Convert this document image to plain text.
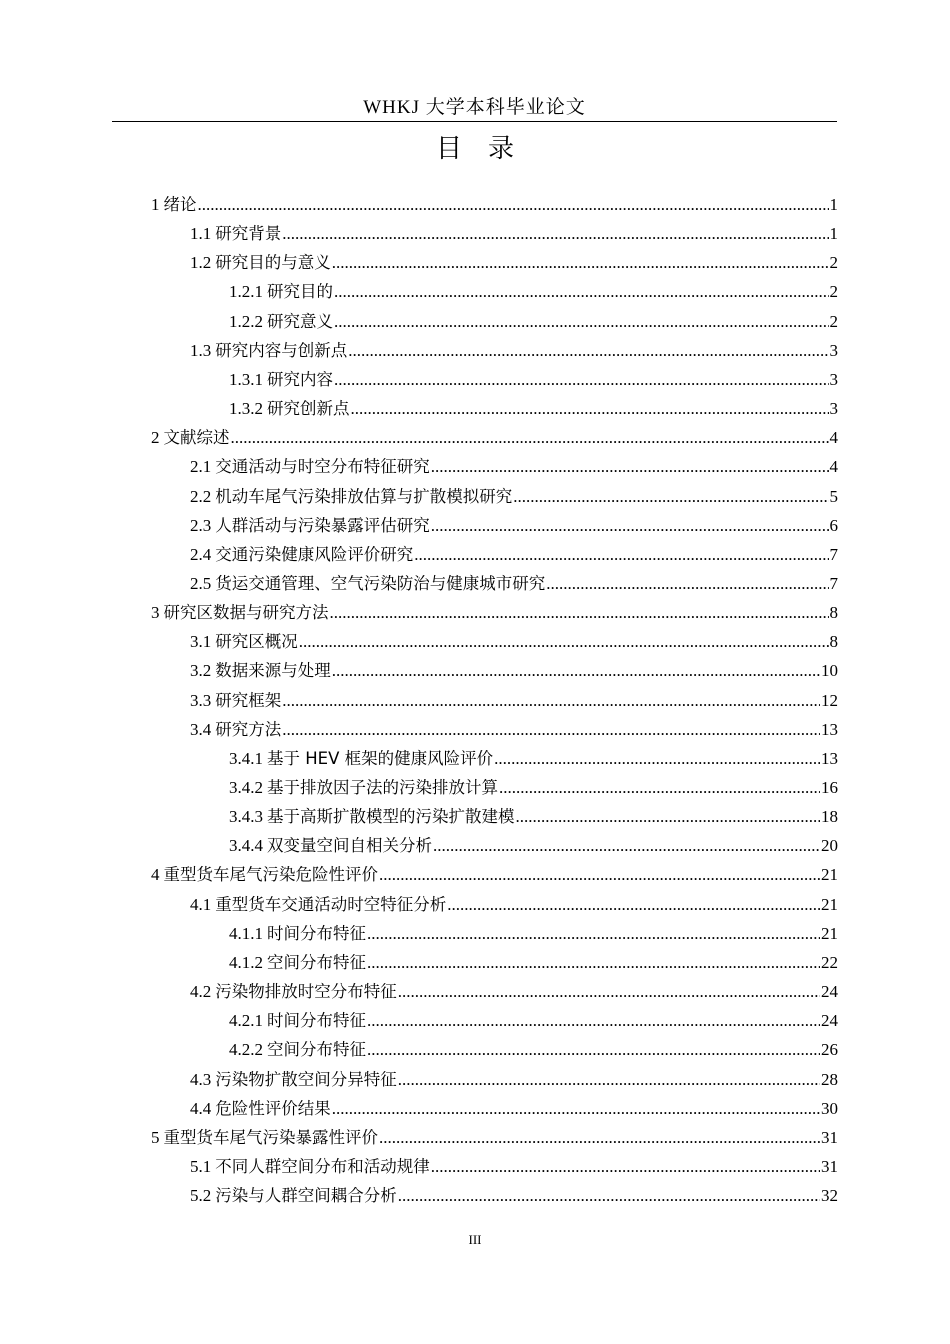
WHKJ 大学本科毕业论文
目　录
1 绪论 .....	1
1.1 研究背景 .....	1
1.2 研究目的与意义 .....	2
1.2.1 研究目的 .....	2
1.2.2 研究意义 .....	2
1.3 研究内容与创新点 .....	3
1.3.1 研究内容 .....	3
1.3.2 研究创新点 .....	3
2 文献综述 .....	4
2.1 交通活动与时空分布特征研究 .....	4
2.2 机动车尾气污染排放估算与扩散模拟研究 .....	5
2.3 人群活动与污染暴露评估研究 .....	6
2.4 交通污染健康风险评价研究 .....	7
2.5 货运交通管理、空气污染防治与健康城市研究 .....	7
3 研究区数据与研究方法 .....	8
3.1 研究区概况 .....	8
3.2 数据来源与处理 .....	10
3.3 研究框架 .....	12
3.4 研究方法 .....	13
3.4.1 基于 HEV 框架的健康风险评价 .....	13
3.4.2 基于排放因子法的污染排放计算 .....	16
3.4.3 基于高斯扩散模型的污染扩散建模 .....	18
3.4.4 双变量空间自相关分析 .....	20
4 重型货车尾气污染危险性评价 .....	21
4.1 重型货车交通活动时空特征分析 .....	21
4.1.1 时间分布特征 .....	21
4.1.2 空间分布特征 .....	22
4.2 污染物排放时空分布特征 .....	24
4.2.1 时间分布特征 .....	24
4.2.2 空间分布特征 .....	26
4.3 污染物扩散空间分异特征 .....	28
4.4 危险性评价结果 .....	30
5 重型货车尾气污染暴露性评价 .....	31
5.1 不同人群空间分布和活动规律 .....	31
5.2 污染与人群空间耦合分析 .....	32
III
